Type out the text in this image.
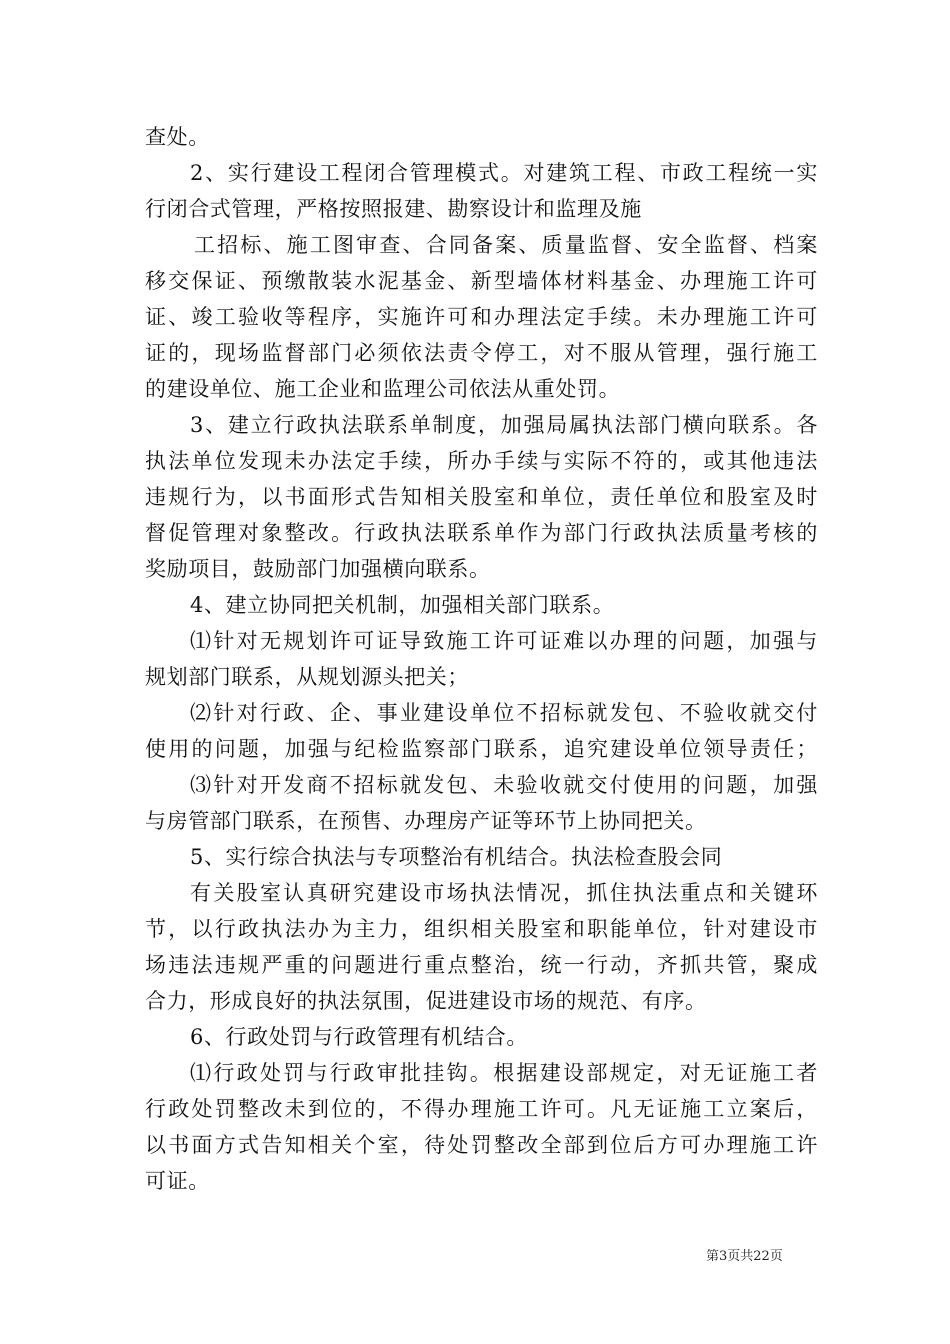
查处。
2、实行建设工程闭合管理模式。对建筑工程、市政工程统一实
行闭合式管理，严格按照报建、勘察设计和监理及施
工招标、施工图审查、合同备案、质量监督、安全监督、档案
移交保证、预缴散装水泥基金、新型墙体材料基金、办理施工许可
证、竣工验收等程序，实施许可和办理法定手续。未办理施工许可
证的，现场监督部门必须依法责令停工，对不服从管理，强行施工
的建设单位、施工企业和监理公司依法从重处罚。
3、建立行政执法联系单制度，加强局属执法部门横向联系。各
执法单位发现未办法定手续，所办手续与实际不符的，或其他违法
违规行为，以书面形式告知相关股室和单位，责任单位和股室及时
督促管理对象整改。行政执法联系单作为部门行政执法质量考核的
奖励项目，鼓励部门加强横向联系。
4、建立协同把关机制，加强相关部门联系。
⑴针对无规划许可证导致施工许可证难以办理的问题，加强与
规划部门联系，从规划源头把关；
⑵针对行政、企、事业建设单位不招标就发包、不验收就交付
使用的问题，加强与纪检监察部门联系，追究建设单位领导责任；
⑶针对开发商不招标就发包、未验收就交付使用的问题，加强
与房管部门联系，在预售、办理房产证等环节上协同把关。
5、实行综合执法与专项整治有机结合。执法检查股会同
有关股室认真研究建设市场执法情况，抓住执法重点和关键环
节，以行政执法办为主力，组织相关股室和职能单位，针对建设市
场违法违规严重的问题进行重点整治，统一行动，齐抓共管，聚成
合力，形成良好的执法氛围，促进建设市场的规范、有序。
6、行政处罚与行政管理有机结合。
⑴行政处罚与行政审批挂钩。根据建设部规定，对无证施工者
行政处罚整改未到位的，不得办理施工许可。凡无证施工立案后，
以书面方式告知相关个室，待处罚整改全部到位后方可办理施工许
可证。
第3页共22页
